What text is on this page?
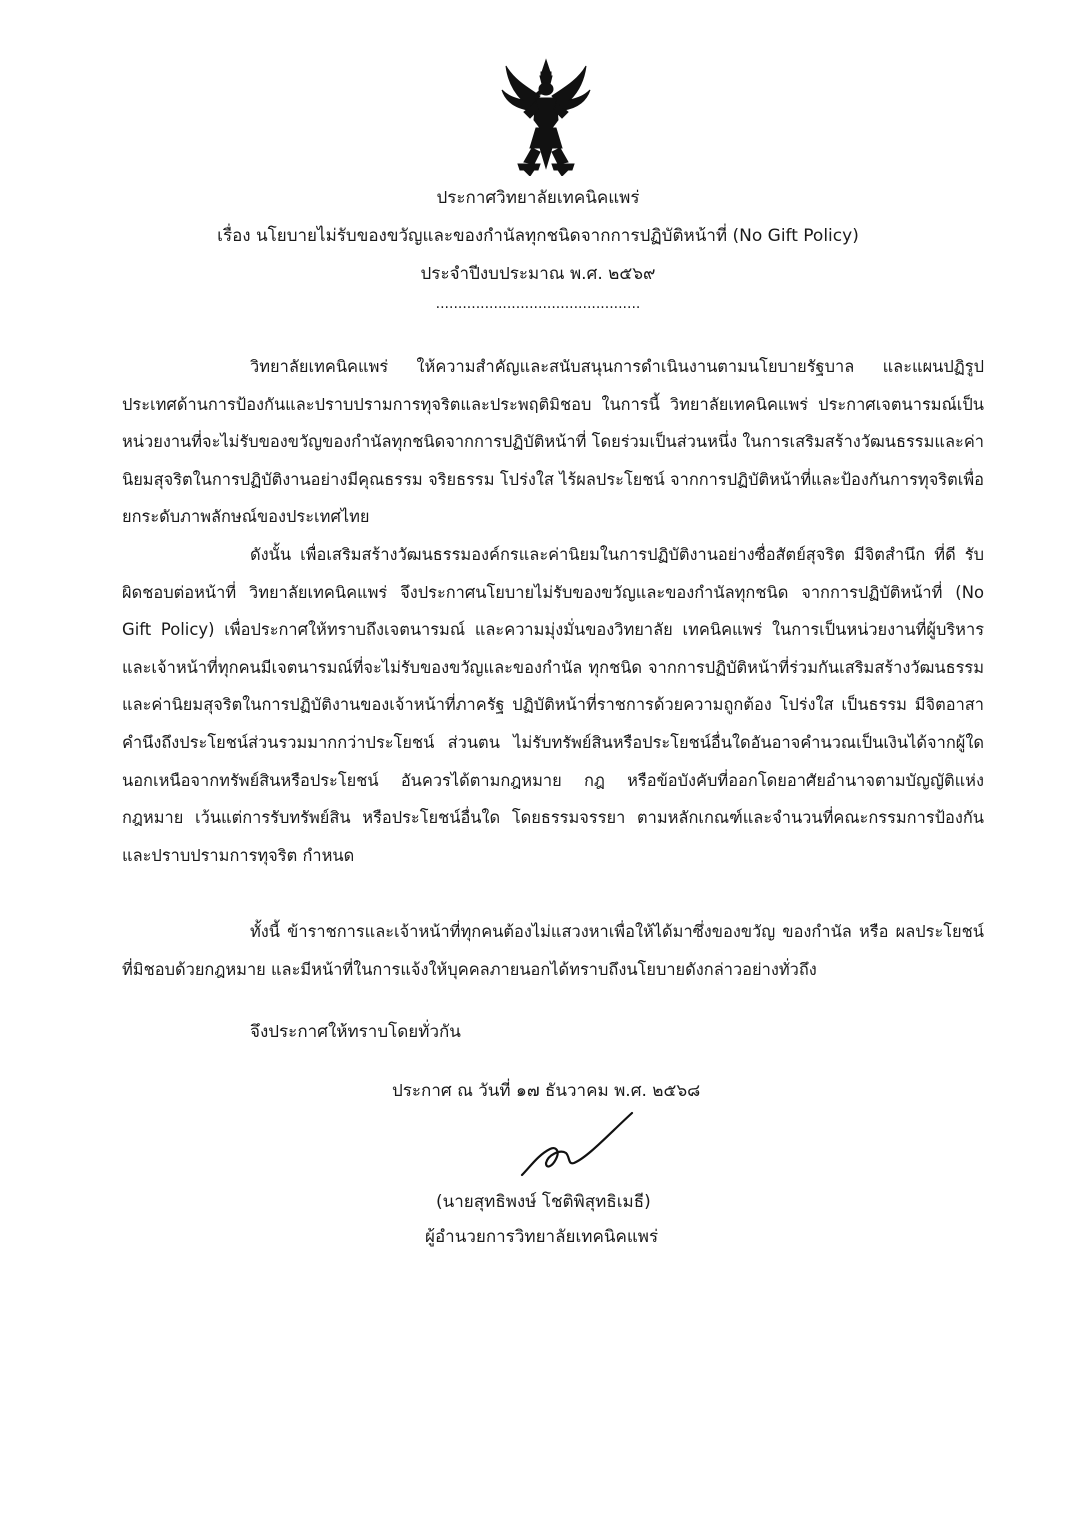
ประกาศวิทยาลัยเทคนิคแพร่
เรื่อง นโยบายไม่รับของขวัญและของกำนัลทุกชนิดจากการปฏิบัติหน้าที่ (No Gift Policy)
ประจำปีงบประมาณ พ.ศ. ๒๕๖๙
..............................................

วิทยาลัยเทคนิคแพร่ ให้ความสำคัญและสนับสนุนการดำเนินงานตามนโยบายรัฐบาล และแผนปฏิรูปประเทศด้านการป้องกันและปราบปรามการทุจริตและประพฤติมิชอบ ในการนี้ วิทยาลัยเทคนิคแพร่ ประกาศเจตนารมณ์เป็นหน่วยงานที่จะไม่รับของขวัญของกำนัลทุกชนิดจากการปฏิบัติหน้าที่ โดยร่วมเป็นส่วนหนึ่ง ในการเสริมสร้างวัฒนธรรมและค่านิยมสุจริตในการปฏิบัติงานอย่างมีคุณธรรม จริยธรรม โปร่งใส ไร้ผลประโยชน์ จากการปฏิบัติหน้าที่และป้องกันการทุจริตเพื่อยกระดับภาพลักษณ์ของประเทศไทย

ดังนั้น เพื่อเสริมสร้างวัฒนธรรมองค์กรและค่านิยมในการปฏิบัติงานอย่างซื่อสัตย์สุจริต มีจิตสำนึก ที่ดี รับผิดชอบต่อหน้าที่ วิทยาลัยเทคนิคแพร่ จึงประกาศนโยบายไม่รับของขวัญและของกำนัลทุกชนิด จากการปฏิบัติหน้าที่ (No Gift Policy) เพื่อประกาศให้ทราบถึงเจตนารมณ์ และความมุ่งมั่นของวิทยาลัย เทคนิคแพร่ ในการเป็นหน่วยงานที่ผู้บริหารและเจ้าหน้าที่ทุกคนมีเจตนารมณ์ที่จะไม่รับของขวัญและของกำนัล ทุกชนิด จากการปฏิบัติหน้าที่ร่วมกันเสริมสร้างวัฒนธรรมและค่านิยมสุจริตในการปฏิบัติงานของเจ้าหน้าที่ภาครัฐ ปฏิบัติหน้าที่ราชการด้วยความถูกต้อง โปร่งใส เป็นธรรม มีจิตอาสา คำนึงถึงประโยชน์ส่วนรวมมากกว่าประโยชน์ ส่วนตน ไม่รับทรัพย์สินหรือประโยชน์อื่นใดอันอาจคำนวณเป็นเงินได้จากผู้ใด นอกเหนือจากทรัพย์สินหรือประโยชน์ อันควรได้ตามกฎหมาย กฎ หรือข้อบังคับที่ออกโดยอาศัยอำนาจตามบัญญัติแห่งกฎหมาย เว้นแต่การรับทรัพย์สิน หรือประโยชน์อื่นใด โดยธรรมจรรยา ตามหลักเกณฑ์และจำนวนที่คณะกรรมการป้องกันและปราบปรามการทุจริต กำหนด

ทั้งนี้ ข้าราชการและเจ้าหน้าที่ทุกคนต้องไม่แสวงหาเพื่อให้ได้มาซึ่งของขวัญ ของกำนัล หรือ ผลประโยชน์ที่มิชอบด้วยกฎหมาย และมีหน้าที่ในการแจ้งให้บุคคลภายนอกได้ทราบถึงนโยบายดังกล่าวอย่างทั่วถึง

จึงประกาศให้ทราบโดยทั่วกัน
ประกาศ ณ วันที่ ๑๗ ธันวาคม พ.ศ. ๒๕๖๘
(นายสุทธิพงษ์ โชติพิสุทธิเมธี)
ผู้อำนวยการวิทยาลัยเทคนิคแพร่
